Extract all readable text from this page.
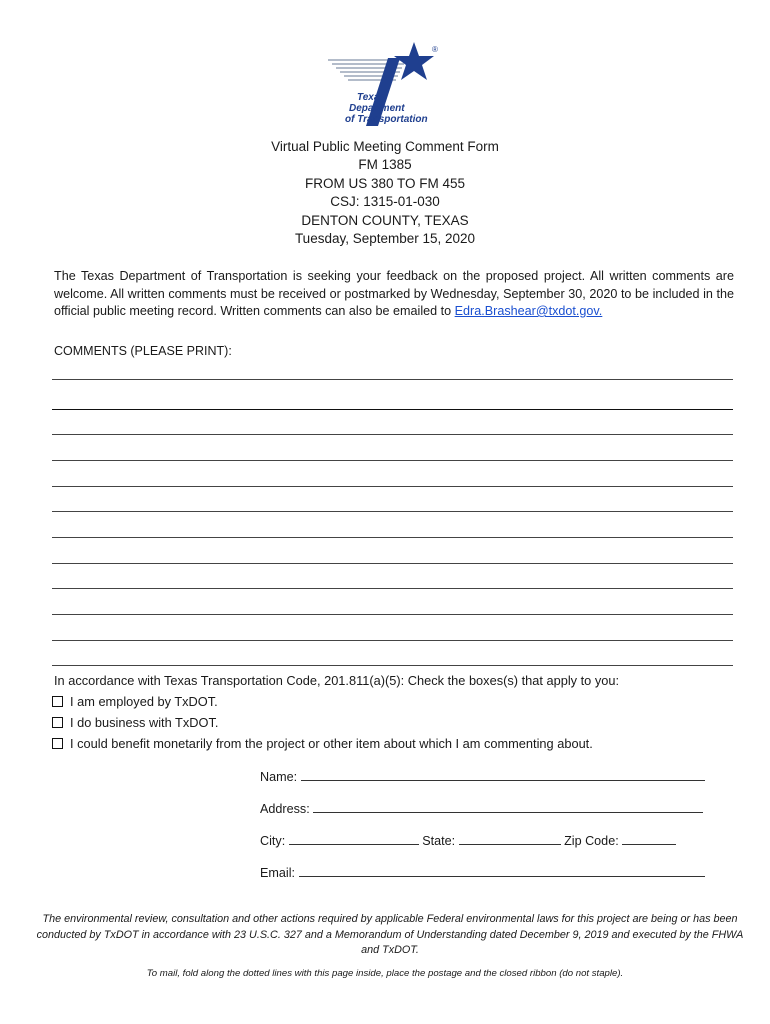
®
Texas
Department
of Transportation
Virtual Public Meeting Comment Form
FM 1385
FROM US 380 TO FM 455
CSJ: 1315-01-030
DENTON COUNTY, TEXAS
Tuesday, September 15, 2020
The Texas Department of Transportation is seeking your feedback on the proposed project. All written comments are welcome. All written comments must be received or postmarked by Wednesday, September 30, 2020 to be included in the official public meeting record. Written comments can also be emailed to Edra.Brashear@txdot.gov.
COMMENTS (PLEASE PRINT):
In accordance with Texas Transportation Code, 201.811(a)(5): Check the boxes(s) that apply to you:
I am employed by TxDOT.
I do business with TxDOT.
I could benefit monetarily from the project or other item about which I am commenting about.
Name:
Address:
City:	State:	Zip Code:
Email:
The environmental review, consultation and other actions required by applicable Federal environmental laws for this project are being or has been conducted by TxDOT in accordance with 23 U.S.C. 327 and a Memorandum of Understanding dated December 9, 2019 and executed by the FHWA and TxDOT.
To mail, fold along the dotted lines with this page inside, place the postage and the closed ribbon (do not staple).
